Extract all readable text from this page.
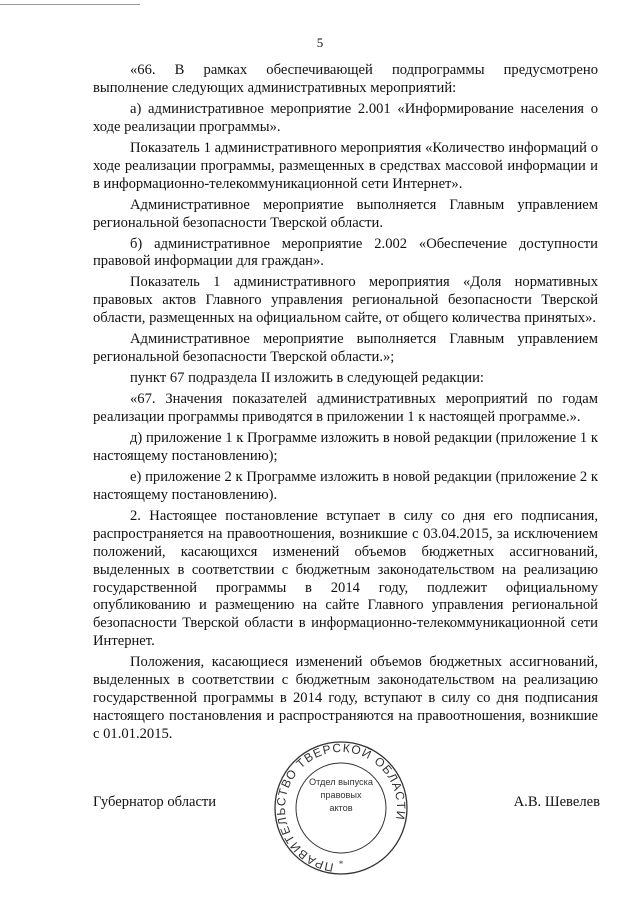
5

«66. В рамках обеспечивающей подпрограммы предусмотрено выполнение следующих административных мероприятий:

а) административное мероприятие 2.001 «Информирование населения о ходе реализации программы».

Показатель 1 административного мероприятия «Количество информаций о ходе реализации программы, размещенных в средствах массовой информации и в информационно-телекоммуникационной сети Интернет».

Административное мероприятие выполняется Главным управлением региональной безопасности Тверской области.

б) административное мероприятие 2.002 «Обеспечение доступности правовой информации для граждан».

Показатель 1 административного мероприятия «Доля нормативных правовых актов Главного управления региональной безопасности Тверской области, размещенных на официальном сайте, от общего количества принятых».

Административное мероприятие выполняется Главным управлением региональной безопасности Тверской области.»;

пункт 67 подраздела II изложить в следующей редакции:

«67. Значения показателей административных мероприятий по годам реализации программы приводятся в приложении 1 к настоящей программе.».

д) приложение 1 к Программе изложить в новой редакции (приложение 1 к настоящему постановлению);

е) приложение 2 к Программе изложить в новой редакции (приложение 2 к настоящему постановлению).

2. Настоящее постановление вступает в силу со дня его подписания, распространяется на правоотношения, возникшие с 03.04.2015, за исключением положений, касающихся изменений объемов бюджетных ассигнований, выделенных в соответствии с бюджетным законодательством на реализацию государственной программы в 2014 году, подлежит официальному опубликованию и размещению на сайте Главного управления региональной безопасности Тверской области в информационно-телекоммуникационной сети Интернет.

Положения, касающиеся изменений объемов бюджетных ассигнований, выделенных в соответствии с бюджетным законодательством на реализацию государственной программы в 2014 году, вступают в силу со дня подписания настоящего постановления и распространяются на правоотношения, возникшие с 01.01.2015.

Губернатор области	А.В. Шевелев
ПРАВИТЕЛЬСТВО ТВЕРСКОЙ ОБЛАСТИ
*
Отдел выпуска правовых актов
